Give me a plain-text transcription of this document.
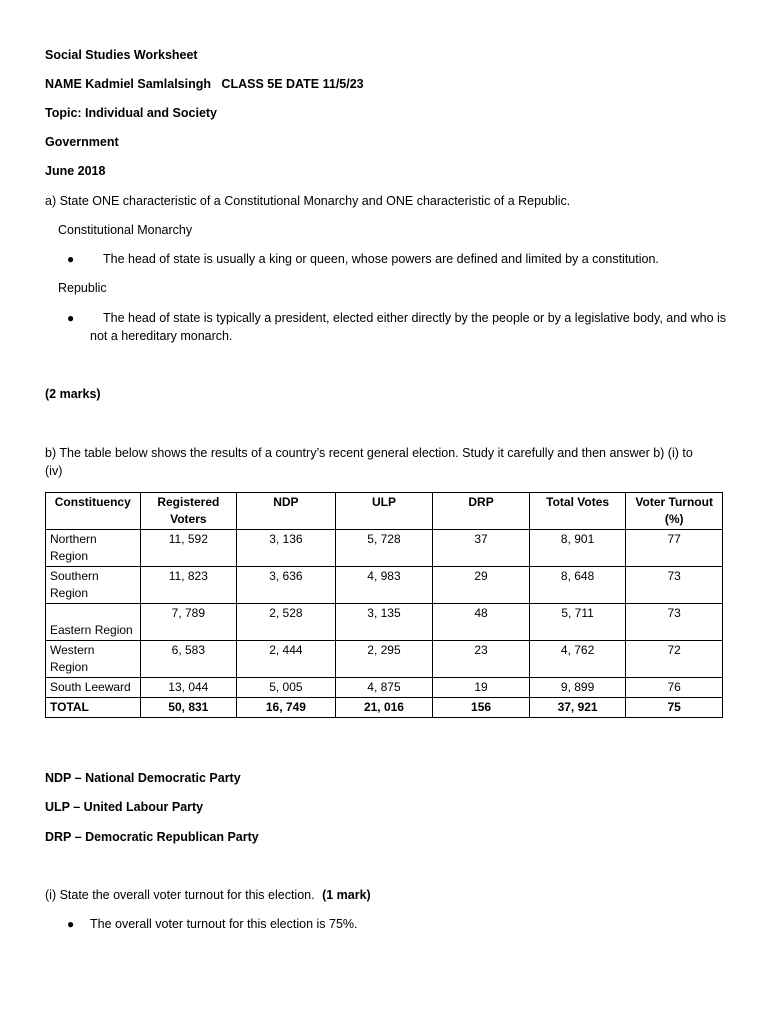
Social Studies Worksheet
NAME Kadmiel Samlalsingh   CLASS 5E DATE 11/5/23
Topic: Individual and Society
Government
June 2018
a) State ONE characteristic of a Constitutional Monarchy and ONE characteristic of a Republic.
Constitutional Monarchy
● The head of state is usually a king or queen, whose powers are defined and limited by a constitution.
Republic
●	The head of state is typically a president, elected either directly by the people or by a legislative body, and who is not a hereditary monarch.
(2 marks)
b) The table below shows the results of a country’s recent general election. Study it carefully and then answer b) (i) to
(iv)
Constituency	Registered Voters	NDP	ULP	DRP	Total Votes	Voter Turnout (%)
Northern Region	11, 592	3, 136	5, 728	37	8, 901	77
Southern Region	11, 823	3, 636	4, 983	29	8, 648	73
Eastern Region	7, 789	2, 528	3, 135	48	5, 711	73
Western Region	6, 583	2, 444	2, 295	23	4, 762	72
South Leeward	13, 044	5, 005	4, 875	19	9, 899	76
TOTAL	50, 831	16, 749	21, 016	156	37, 921	75
NDP – National Democratic Party
ULP – United Labour Party
DRP – Democratic Republican Party
(i) State the overall voter turnout for this election. (1 mark)
● The overall voter turnout for this election is 75%.
